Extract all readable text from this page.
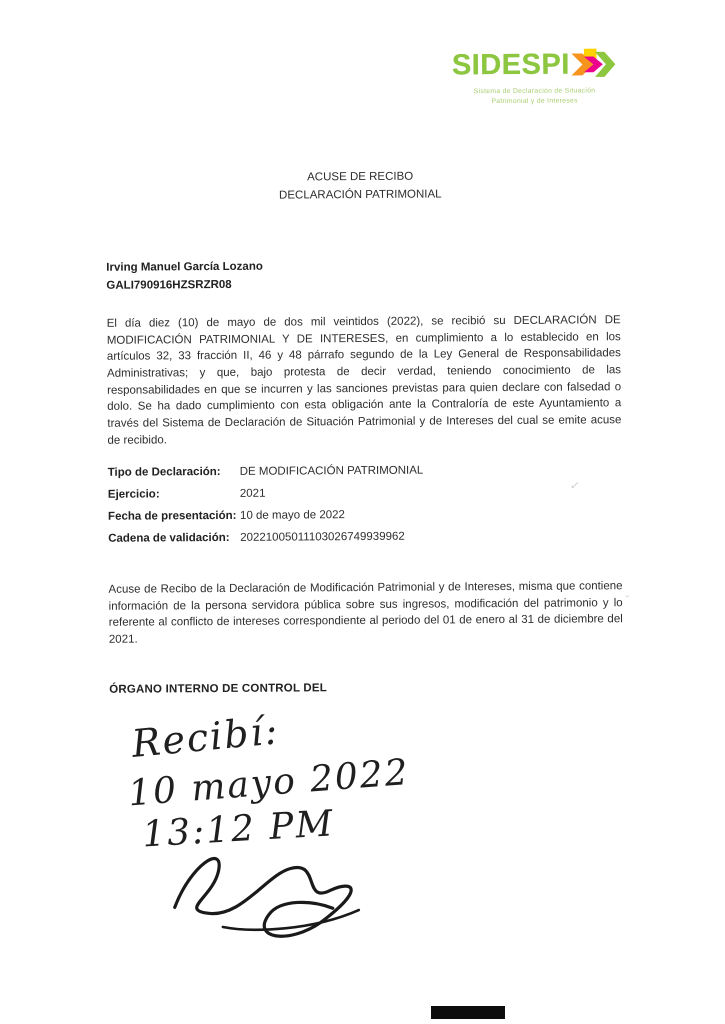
SIDESPI
Sistema de Declaración de Situación
Patrimonial y de Intereses
ACUSE DE RECIBO
DECLARACIÓN PATRIMONIAL
Irving Manuel García Lozano
GALI790916HZSRZR08

El día diez (10) de mayo de dos mil veintidos (2022), se recibió su DECLARACIÓN DE MODIFICACIÓN PATRIMONIAL Y DE INTERESES, en cumplimiento a lo establecido en los artículos 32, 33 fracción II, 46 y 48 párrafo segundo de la Ley General de Responsabilidades Administrativas; y que, bajo protesta de decir verdad, teniendo conocimiento de las responsabilidades en que se incurren y las sanciones previstas para quien declare con falsedad o dolo. Se ha dado cumplimiento con esta obligación ante la Contraloría de este Ayuntamiento a través del Sistema de Declaración de Situación Patrimonial y de Intereses del cual se emite acuse de recibido.

Tipo de Declaración:	DE MODIFICACIÓN PATRIMONIAL
Ejercicio:	2021
Fecha de presentación: 10 de mayo de 2022
Cadena de validación: 20221005011103026749939962

Acuse de Recibo de la Declaración de Modificación Patrimonial y de Intereses, misma que contiene información de la persona servidora pública sobre sus ingresos, modificación del patrimonio y lo referente al conflicto de intereses correspondiente al periodo del 01 de enero al 31 de diciembre del 2021.

ÓRGANO INTERNO DE CONTROL DEL
Recibí:
10 mayo 2022
13:12 PM
✓
​ˇ
